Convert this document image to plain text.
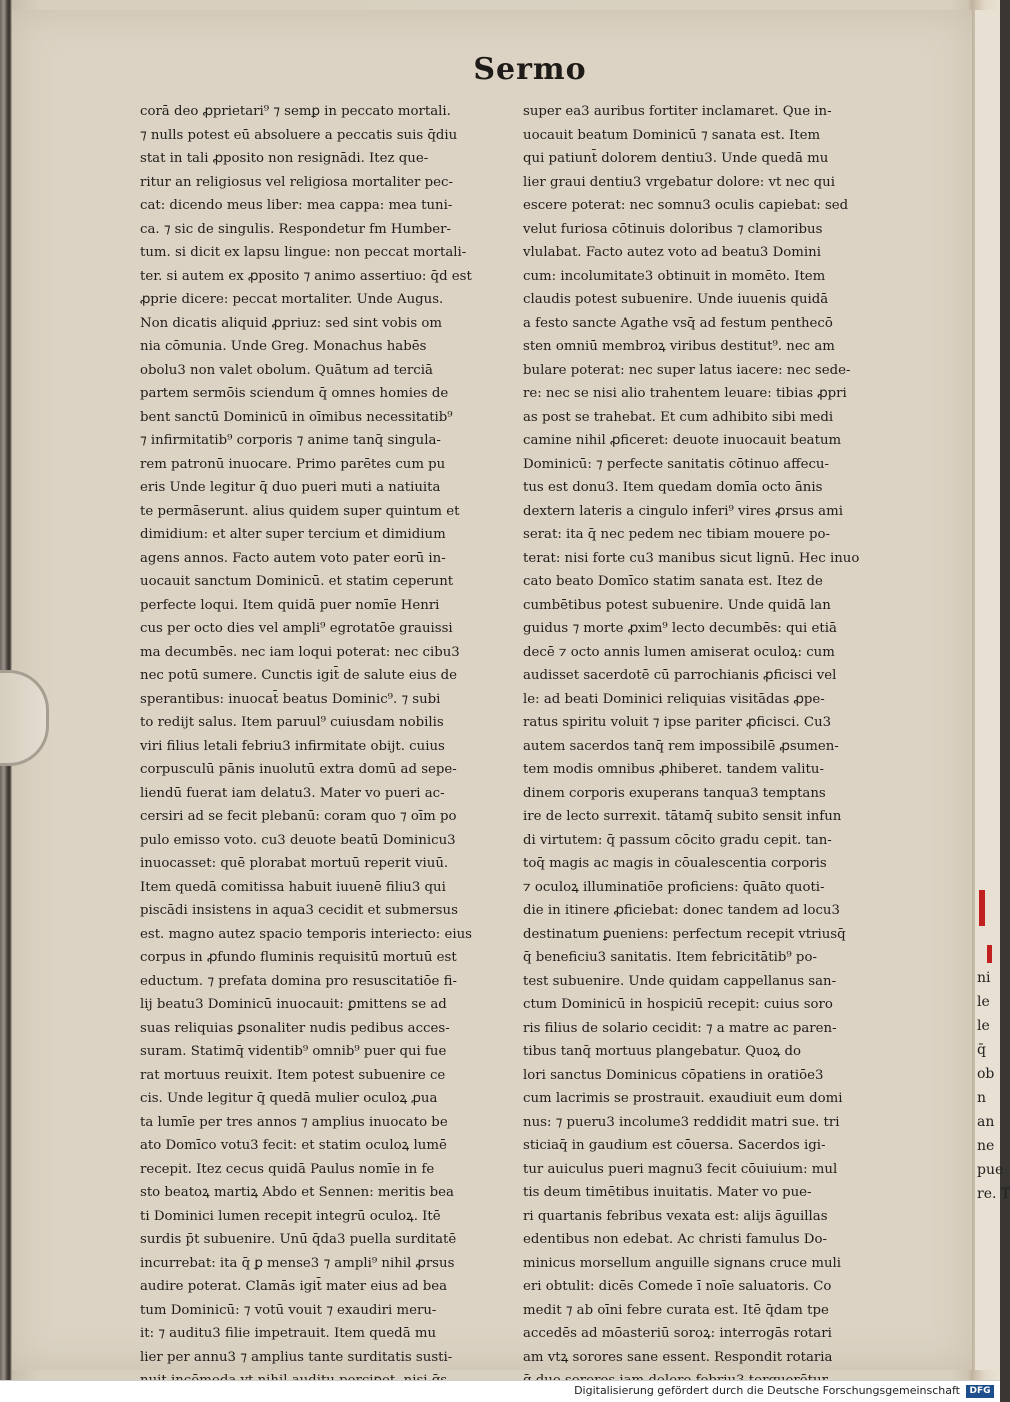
ni
le
le
q̄
ob
n
an
ne
pue
re. T
Sermo
corā deo ꝓprietari⁹ ⁊ semꝑ in peccato mortali.
⁊ nulls potest eū absoluere a peccatis suis q̄diu
stat in tali ꝓposito non resignādi. Itez que‑
ritur an religiosus vel religiosa mortaliter pec‑
cat: dicendo meus liber: mea cappa: mea tuni‑
ca. ⁊ sic de singulis. Respondetur fm Humber‑
tum. si dicit ex lapsu lingue: non peccat mortali‑
ter. si autem ex ꝓposito ⁊ animo assertiuo: q̄d est
ꝓprie dicere: peccat mortaliter. Unde Augus.
Non dicatis aliquid ꝓpriuz: sed sint vobis om
nia cōmunia. Unde Greg. Monachus habēs
obolu3 non valet obolum. Quātum ad terciā
partem sermōis sciendum q̄ omnes homies de
bent sanctū Dominicū in oīmibus necessitatib⁹
⁊ infirmitatib⁹ corporis ⁊ anime tanq̄ singula‑
rem patronū inuocare. Primo parētes cum pu
eris Unde legitur q̄ duo pueri muti a natiuita
te permāserunt. alius quidem super quintum et
dimidium: et alter super tercium et dimidium
agens annos. Facto autem voto pater eorū in‑
uocauit sanctum Dominicū. et statim ceperunt
perfecte loqui. Item quidā puer nomīe Henri
cus per octo dies vel ampli⁹ egrotatōe grauissi
ma decumbēs. nec iam loqui poterat: nec cibu3
nec potū sumere. Cunctis igit̄ de salute eius de
sperantibus: inuocat̄ beatus Dominic⁹. ⁊ subi
to redijt salus. Item paruul⁹ cuiusdam nobilis
viri filius letali febriu3 infirmitate obijt. cuius
corpusculū pānis inuolutū extra domū ad sepe‑
liendū fuerat iam delatu3. Mater vo pueri ac‑
cersiri ad se fecit plebanū: coram quo ⁊ oīm po
pulo emisso voto. cu3 deuote beatū Dominicu3
inuocasset: quē plorabat mortuū reperit viuū.
Item quedā comitissa habuit iuuenē filiu3 qui
piscādi insistens in aqua3 cecidit et submersus
est. magno autez spacio temporis interiecto: eius
corpus in ꝓfundo fluminis requisitū mortuū est
eductum. ⁊ prefata domina pro resuscitatiōe fi‑
lij beatu3 Dominicū inuocauit: ꝑmittens se ad
suas reliquias ꝑsonaliter nudis pedibus acces‑
suram. Statimq̄ videntib⁹ omnib⁹ puer qui fue
rat mortuus reuixit. Item potest subuenire ce
cis. Unde legitur q̄ quedā mulier oculoꝝ ꝓua
ta lumīe per tres annos ⁊ amplius inuocato be
ato Domīco votu3 fecit: et statim oculoꝝ lumē
recepit. Itez cecus quidā Paulus nomīe in fe
sto beatoꝝ martiꝝ Abdo et Sennen: meritis bea
ti Dominici lumen recepit integrū oculoꝝ. Itē
surdis p̄t subuenire. Unū q̄da3 puella surditatē
incurrebat: ita q̄ ꝑ mense3 ⁊ ampli⁹ nihil ꝓrsus
audire poterat. Clamās igit̄ mater eius ad bea
tum Dominicū: ⁊ votū vouit ⁊ exaudiri meru‑
it: ⁊ auditu3 filie impetrauit. Item quedā mu
lier per annu3 ⁊ amplius tante surditatis susti‑
super ea3 auribus fortiter inclamaret. Que in‑
uocauit beatum Dominicū ⁊ sanata est. Item
qui patiunt̄ dolorem dentiu3. Unde quedā mu
lier graui dentiu3 vrgebatur dolore: vt nec qui
escere poterat: nec somnu3 oculis capiebat: sed
velut furiosa cōtinuis doloribus ⁊ clamoribus
vlulabat. Facto autez voto ad beatu3 Domini
cum: incolumitate3 obtinuit in momēto. Item
claudis potest subuenire. Unde iuuenis quidā
a festo sancte Agathe vsq̄ ad festum penthecō
sten omniū membroꝝ viribus destitut⁹. nec am
bulare poterat: nec super latus iacere: nec sede‑
re: nec se nisi alio trahentem leuare: tibias ꝓpri
as post se trahebat. Et cum adhibito sibi medi
camine nihil ꝓficeret: deuote inuocauit beatum
Dominicū: ⁊ perfecte sanitatis cōtinuo affecu‑
tus est donu3. Item quedam domīa octo ānis
dextern lateris a cingulo inferi⁹ vires ꝓrsus ami
serat: ita q̄ nec pedem nec tibiam mouere po‑
terat: nisi forte cu3 manibus sicut lignū. Hec inuo
cato beato Domīco statim sanata est. Itez de
cumbētibus potest subuenire. Unde quidā lan
guidus ⁊ morte ꝓxim⁹ lecto decumbēs: qui etiā
decē ⁊ octo annis lumen amiserat oculoꝝ: cum
audisset sacerdotē cū parrochianis ꝓficisci vel
le: ad beati Dominici reliquias visitādas ꝓpe‑
ratus spiritu voluit ⁊ ipse pariter ꝓficisci. Cu3
autem sacerdos tanq̄ rem impossibilē ꝓsumen‑
tem modis omnibus ꝓhiberet. tandem valitu‑
dinem corporis exuperans tanqua3 temptans
ire de lecto surrexit. tātamq̄ subito sensit infun
di virtutem: q̄ passum cōcito gradu cepit. tan‑
toq̄ magis ac magis in cōualescentia corporis
⁊ oculoꝝ illuminatiōe proficiens: q̄uāto quoti‑
die in itinere ꝓficiebat: donec tandem ad locu3
destinatum ꝑueniens: perfectum recepit vtriusq̄
q̄ beneficiu3 sanitatis. Item febricitātib⁹ po‑
test subuenire. Unde quidam cappellanus san‑
ctum Dominicū in hospiciū recepit: cuius soro
ris filius de solario cecidit: ⁊ a matre ac paren‑
tibus tanq̄ mortuus plangebatur. Quoꝝ do
lori sanctus Dominicus cōpatiens in oratiōe3
cum lacrimis se prostrauit. exaudiuit eum domi
nus: ⁊ pueru3 incolume3 reddidit matri sue. tri
sticiaq̄ in gaudium est cōuersa. Sacerdos igi‑
tur auiculus pueri magnu3 fecit cōuiuium: mul
tis deum timētibus inuitatis. Mater vo pue‑
ri quartanis febribus vexata est: alijs āguillas
edentibus non edebat. Ac christi famulus Do‑
minicus morsellum anguille signans cruce muli
eri obtulit: dicēs Comede ī noīe saluatoris. Co
medit ⁊ ab oīni febre curata est. Itē q̄dam tpe
accedēs ad mōasteriū soroꝝ: interrogās rotari
am vtꝝ sorores sane essent. Respondit rotaria
Digitalisierung gefördert durch die Deutsche Forschungsgemeinschaft	DFG
